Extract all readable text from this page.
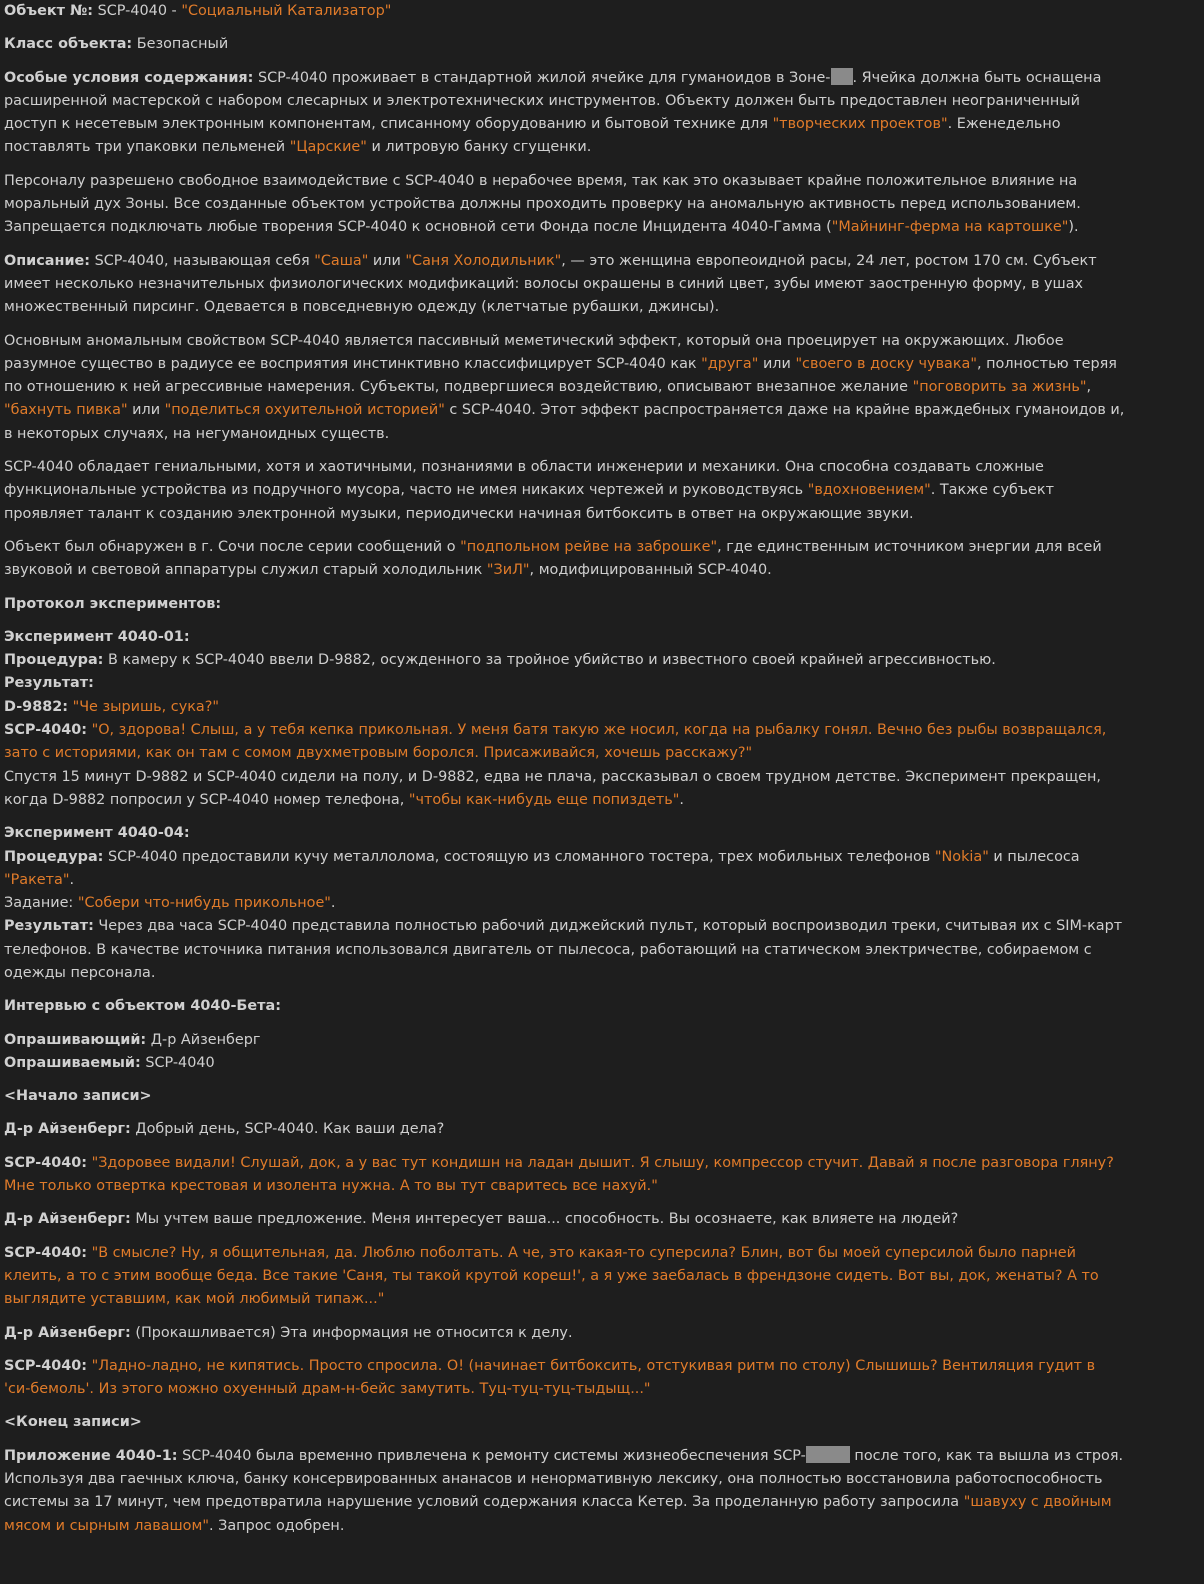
Объект №: SCP-4040 - "Социальный Катализатор"

Класс объекта: Безопасный

Особые условия содержания: SCP-4040 проживает в стандартной жилой ячейке для гуманоидов в Зоне- . Ячейка должна быть оснащена расширенной мастерской с набором слесарных и электротехнических инструментов. Объекту должен быть предоставлен неограниченный доступ к несетевым электронным компонентам, списанному оборудованию и бытовой технике для "творческих проектов". Еженедельно поставлять три упаковки пельменей "Царские" и литровую банку сгущенки.

Персоналу разрешено свободное взаимодействие с SCP-4040 в нерабочее время, так как это оказывает крайне положительное влияние на моральный дух Зоны. Все созданные объектом устройства должны проходить проверку на аномальную активность перед использованием. Запрещается подключать любые творения SCP-4040 к основной сети Фонда после Инцидента 4040-Гамма ("Майнинг-ферма на картошке").

Описание: SCP-4040, называющая себя "Саша" или "Саня Холодильник", — это женщина европеоидной расы, 24 лет, ростом 170 см. Субъект имеет несколько незначительных физиологических модификаций: волосы окрашены в синий цвет, зубы имеют заостренную форму, в ушах множественный пирсинг. Одевается в повседневную одежду (клетчатые рубашки, джинсы).

Основным аномальным свойством SCP-4040 является пассивный меметический эффект, который она проецирует на окружающих. Любое разумное существо в радиусе ее восприятия инстинктивно классифицирует SCP-4040 как "друга" или "своего в доску чувака", полностью теряя по отношению к ней агрессивные намерения. Субъекты, подвергшиеся воздействию, описывают внезапное желание "поговорить за жизнь", "бахнуть пивка" или "поделиться охуительной историей" с SCP-4040. Этот эффект распространяется даже на крайне враждебных гуманоидов и, в некоторых случаях, на негуманоидных существ.

SCP-4040 обладает гениальными, хотя и хаотичными, познаниями в области инженерии и механики. Она способна создавать сложные функциональные устройства из подручного мусора, часто не имея никаких чертежей и руководствуясь "вдохновением". Также субъект проявляет талант к созданию электронной музыки, периодически начиная битбоксить в ответ на окружающие звуки.

Объект был обнаружен в г. Сочи после серии сообщений о "подпольном рейве на заброшке", где единственным источником энергии для всей звуковой и световой аппаратуры служил старый холодильник "ЗиЛ", модифицированный SCP-4040.

Протокол экспериментов:

Эксперимент 4040-01:
Процедура: В камеру к SCP-4040 ввели D-9882, осужденного за тройное убийство и известного своей крайней агрессивностью.
Результат:
D-9882: "Че зыришь, сука?"
SCP-4040: "О, здорова! Слыш, а у тебя кепка прикольная. У меня батя такую же носил, когда на рыбалку гонял. Вечно без рыбы возвращался, зато с историями, как он там с сомом двухметровым боролся. Присаживайся, хочешь расскажу?"
Спустя 15 минут D-9882 и SCP-4040 сидели на полу, и D-9882, едва не плача, рассказывал о своем трудном детстве. Эксперимент прекращен, когда D-9882 попросил у SCP-4040 номер телефона, "чтобы как-нибудь еще попиздеть".

Эксперимент 4040-04:
Процедура: SCP-4040 предоставили кучу металлолома, состоящую из сломанного тостера, трех мобильных телефонов "Nokia" и пылесоса "Ракета".
Задание: "Собери что-нибудь прикольное".
Результат: Через два часа SCP-4040 представила полностью рабочий диджейский пульт, который воспроизводил треки, считывая их с SIM-карт телефонов. В качестве источника питания использовался двигатель от пылесоса, работающий на статическом электричестве, собираемом с одежды персонала.

Интервью с объектом 4040-Бета:

Опрашивающий: Д-р Айзенберг
Опрашиваемый: SCP-4040

<Начало записи>

Д-р Айзенберг: Добрый день, SCP-4040. Как ваши дела?

SCP-4040: "Здоровее видали! Слушай, док, а у вас тут кондишн на ладан дышит. Я слышу, компрессор стучит. Давай я после разговора гляну? Мне только отвертка крестовая и изолента нужна. А то вы тут сваритесь все нахуй."

Д-р Айзенберг: Мы учтем ваше предложение. Меня интересует ваша... способность. Вы осознаете, как влияете на людей?

SCP-4040: "В смысле? Ну, я общительная, да. Люблю поболтать. А че, это какая-то суперсила? Блин, вот бы моей суперсилой было парней клеить, а то с этим вообще беда. Все такие 'Саня, ты такой крутой кореш!', а я уже заебалась в френдзоне сидеть. Вот вы, док, женаты? А то выглядите уставшим, как мой любимый типаж..."

Д-р Айзенберг: (Прокашливается) Эта информация не относится к делу.

SCP-4040: "Ладно-ладно, не кипятись. Просто спросила. О! (начинает битбоксить, отстукивая ритм по столу) Слышишь? Вентиляция гудит в 'си-бемоль'. Из этого можно охуенный драм-н-бейс замутить. Туц-туц-туц-тыдыщ..."

<Конец записи>

Приложение 4040-1: SCP-4040 была временно привлечена к ремонту системы жизнеобеспечения SCP-	после того, как та вышла из строя. Используя два гаечных ключа, банку консервированных ананасов и ненормативную лексику, она полностью восстановила работоспособность системы за 17 минут, чем предотвратила нарушение условий содержания класса Кетер. За проделанную работу запросила "шавуху с двойным мясом и сырным лавашом". Запрос одобрен.
